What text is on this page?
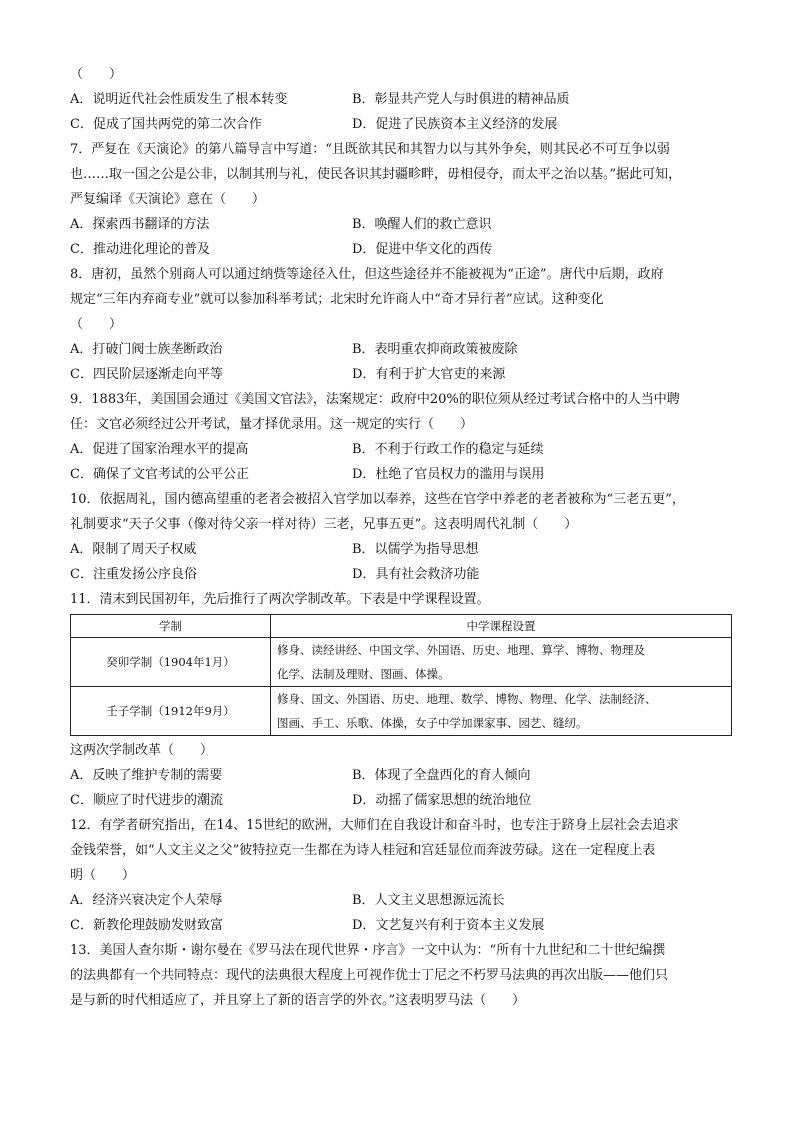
（　　）
A．说明近代社会性质发生了根本转变	B．彰显共产党人与时俱进的精神品质
C．促成了国共两党的第二次合作	D．促进了民族资本主义经济的发展
7．严复在《天演论》的第八篇导言中写道：“且既欲其民和其智力以与其外争矣，则其民必不可互争以弱
也……取一国之公是公非，以制其刑与礼，使民各识其封疆畛畔，毋相侵夺，而太平之治以基。”据此可知，
严复编译《天演论》意在（　　）
A．探索西书翻译的方法	B．唤醒人们的救亡意识
C．推动进化理论的普及	D．促进中华文化的西传
8．唐初，虽然个别商人可以通过纳赀等途径入仕，但这些途径并不能被视为“正途”。唐代中后期，政府
规定“三年内弃商专业”就可以参加科举考试；北宋时允许商人中“奇才异行者”应试。这种变化
（　　）
A．打破门阀士族垄断政治	B．表明重农抑商政策被废除
C．四民阶层逐渐走向平等	D．有利于扩大官吏的来源
9．1883年，美国国会通过《美国文官法》，法案规定：政府中20%的职位须从经过考试合格中的人当中聘
任：文官必须经过公开考试，量才择优录用。这一规定的实行（　　）
A．促进了国家治理水平的提高	B．不利于行政工作的稳定与延续
C．确保了文官考试的公平公正	D．杜绝了官员权力的滥用与误用
10．依据周礼，国内德高望重的老者会被招入官学加以奉养，这些在官学中养老的老者被称为“三老五更”，
礼制要求“天子父事（像对待父亲一样对待）三老，兄事五更”。这表明周代礼制（　　）
A．限制了周天子权威	B．以儒学为指导思想
C．注重发扬公序良俗	D．具有社会救济功能
11．清末到民国初年，先后推行了两次学制改革。下表是中学课程设置。
学制	中学课程设置
癸卯学制（1904年1月）	修身、读经讲经、中国文学、外国语、历史、地理、算学、博物、物理及
化学、法制及理财、图画、体操。

壬子学制（1912年9月）	修身、国文、外国语、历史、地理、数学、博物、物理、化学、法制经济、
图画、手工、乐歌、体操，女子中学加课家事、园艺、缝纫。
这两次学制改革（　　）
A．反映了维护专制的需要	B．体现了全盘西化的育人倾向
C．顺应了时代进步的潮流	D．动摇了儒家思想的统治地位
12．有学者研究指出，在14、15世纪的欧洲，大师们在自我设计和奋斗时，也专注于跻身上层社会去追求
金钱荣誉，如“人文主义之父”彼特拉克一生都在为诗人桂冠和宫廷显位而奔波劳碌。这在一定程度上表
明（　　）
A．经济兴衰决定个人荣辱	B．人文主义思想源远流长
C．新教伦理鼓励发财致富	D．文艺复兴有利于资本主义发展
13．美国人查尔斯・谢尔曼在《罗马法在现代世界・序言》一文中认为：“所有十九世纪和二十世纪编撰
的法典都有一个共同特点：现代的法典很大程度上可视作优士丁尼之不朽罗马法典的再次出版——他们只
是与新的时代相适应了，并且穿上了新的语言学的外衣。”这表明罗马法（　　）
